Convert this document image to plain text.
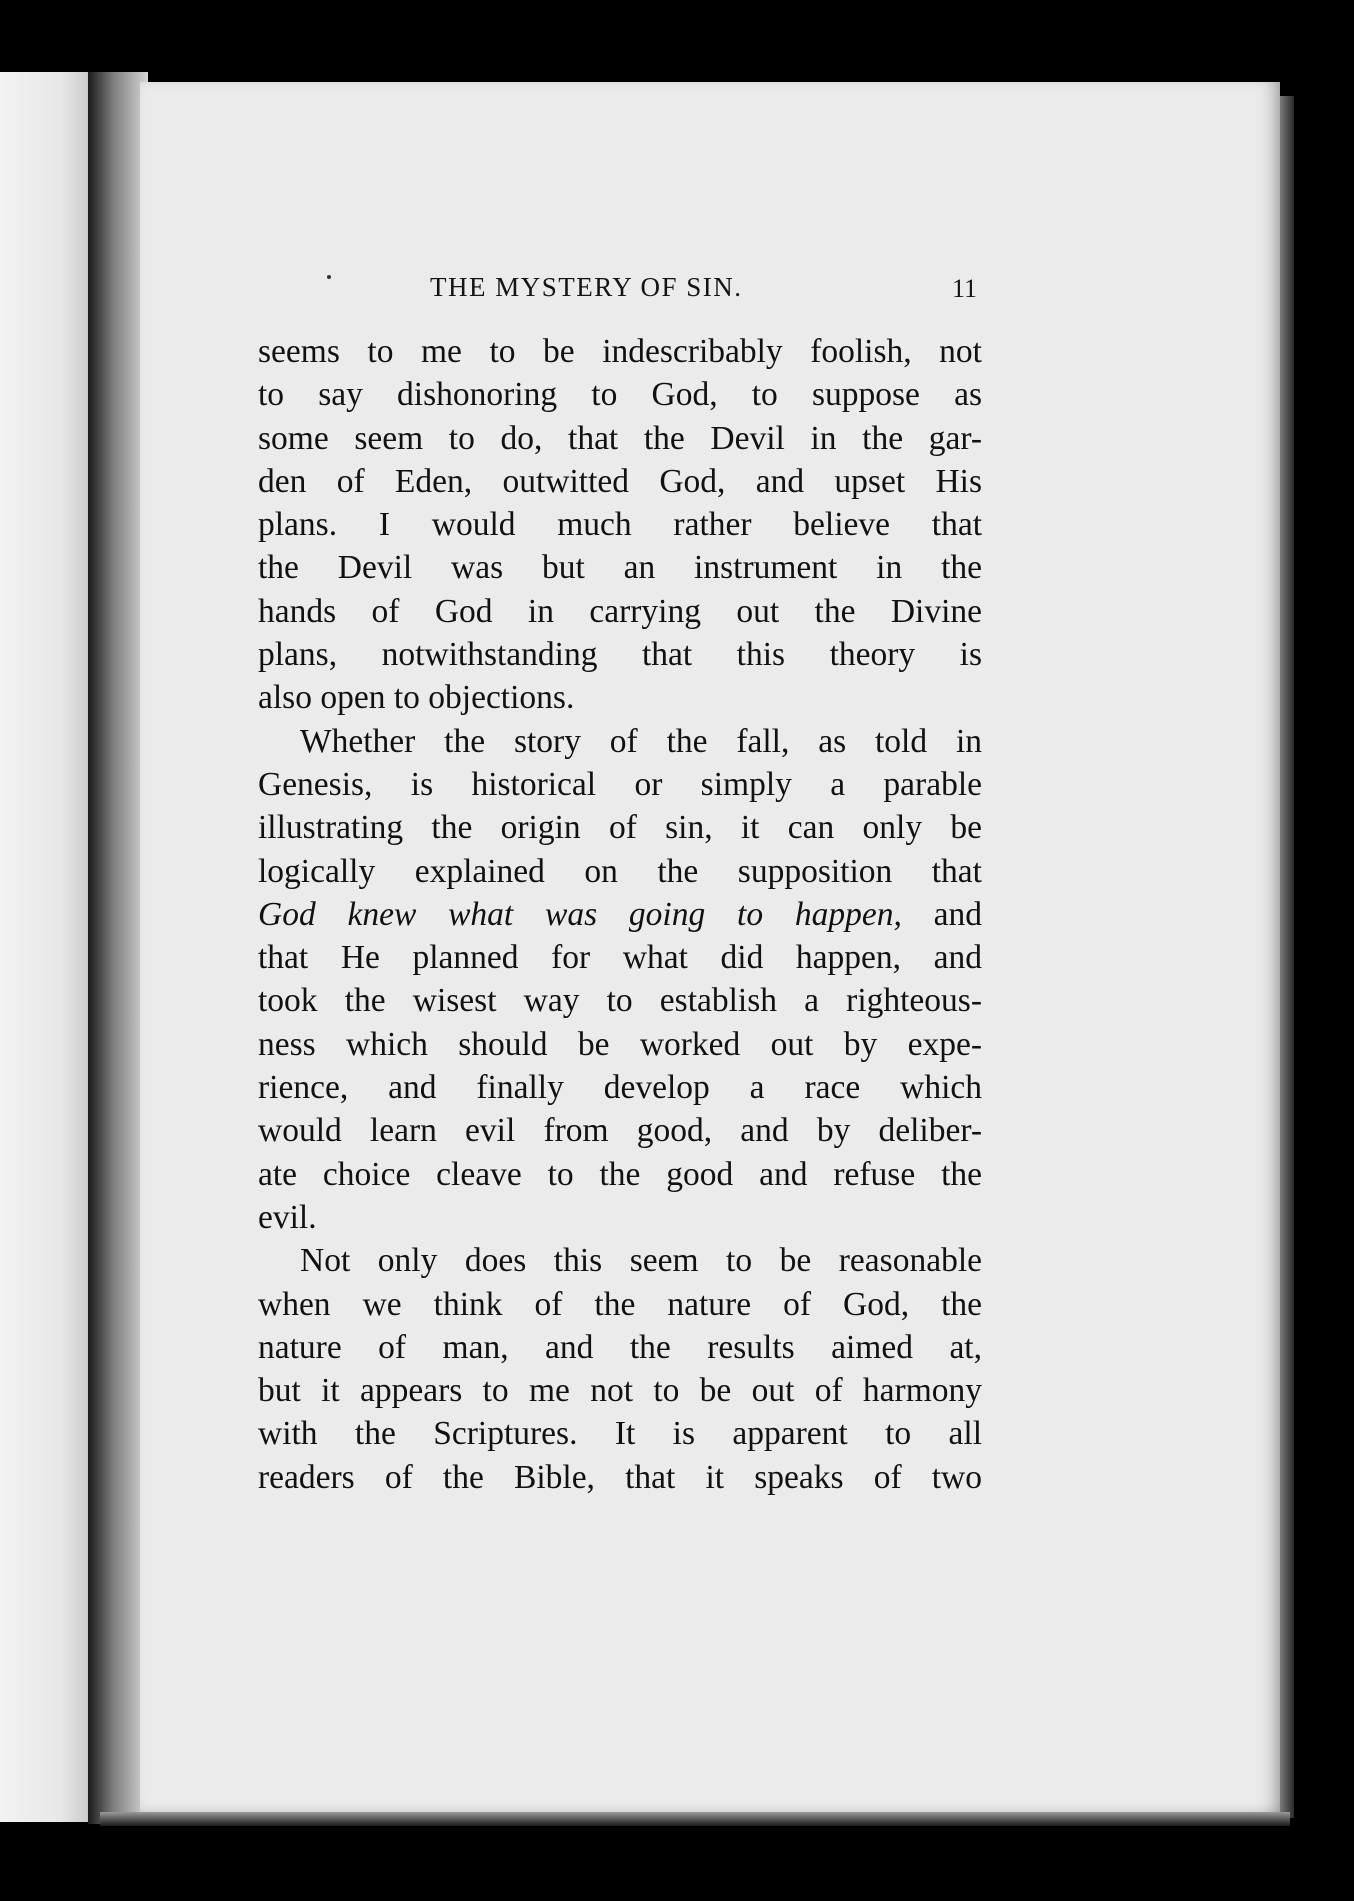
THE MYSTERY OF SIN.	11
seems to me to be indescribably foolish, not
to say dishonoring to God, to suppose as
some seem to do, that the Devil in the gar-
den of Eden, outwitted God, and upset His
plans. I would much rather believe that
the Devil was but an instrument in the
hands of God in carrying out the Divine
plans, notwithstanding that this theory is
also open to objections.
Whether the story of the fall, as told in
Genesis, is historical or simply a parable
illustrating the origin of sin, it can only be
logically explained on the supposition that
God knew what was going to happen, and
that He planned for what did happen, and
took the wisest way to establish a righteous-
ness which should be worked out by expe-
rience, and finally develop a race which
would learn evil from good, and by deliber-
ate choice cleave to the good and refuse the
evil.
Not only does this seem to be reasonable
when we think of the nature of God, the
nature of man, and the results aimed at,
but it appears to me not to be out of harmony
with the Scriptures. It is apparent to all
readers of the Bible, that it speaks of two
